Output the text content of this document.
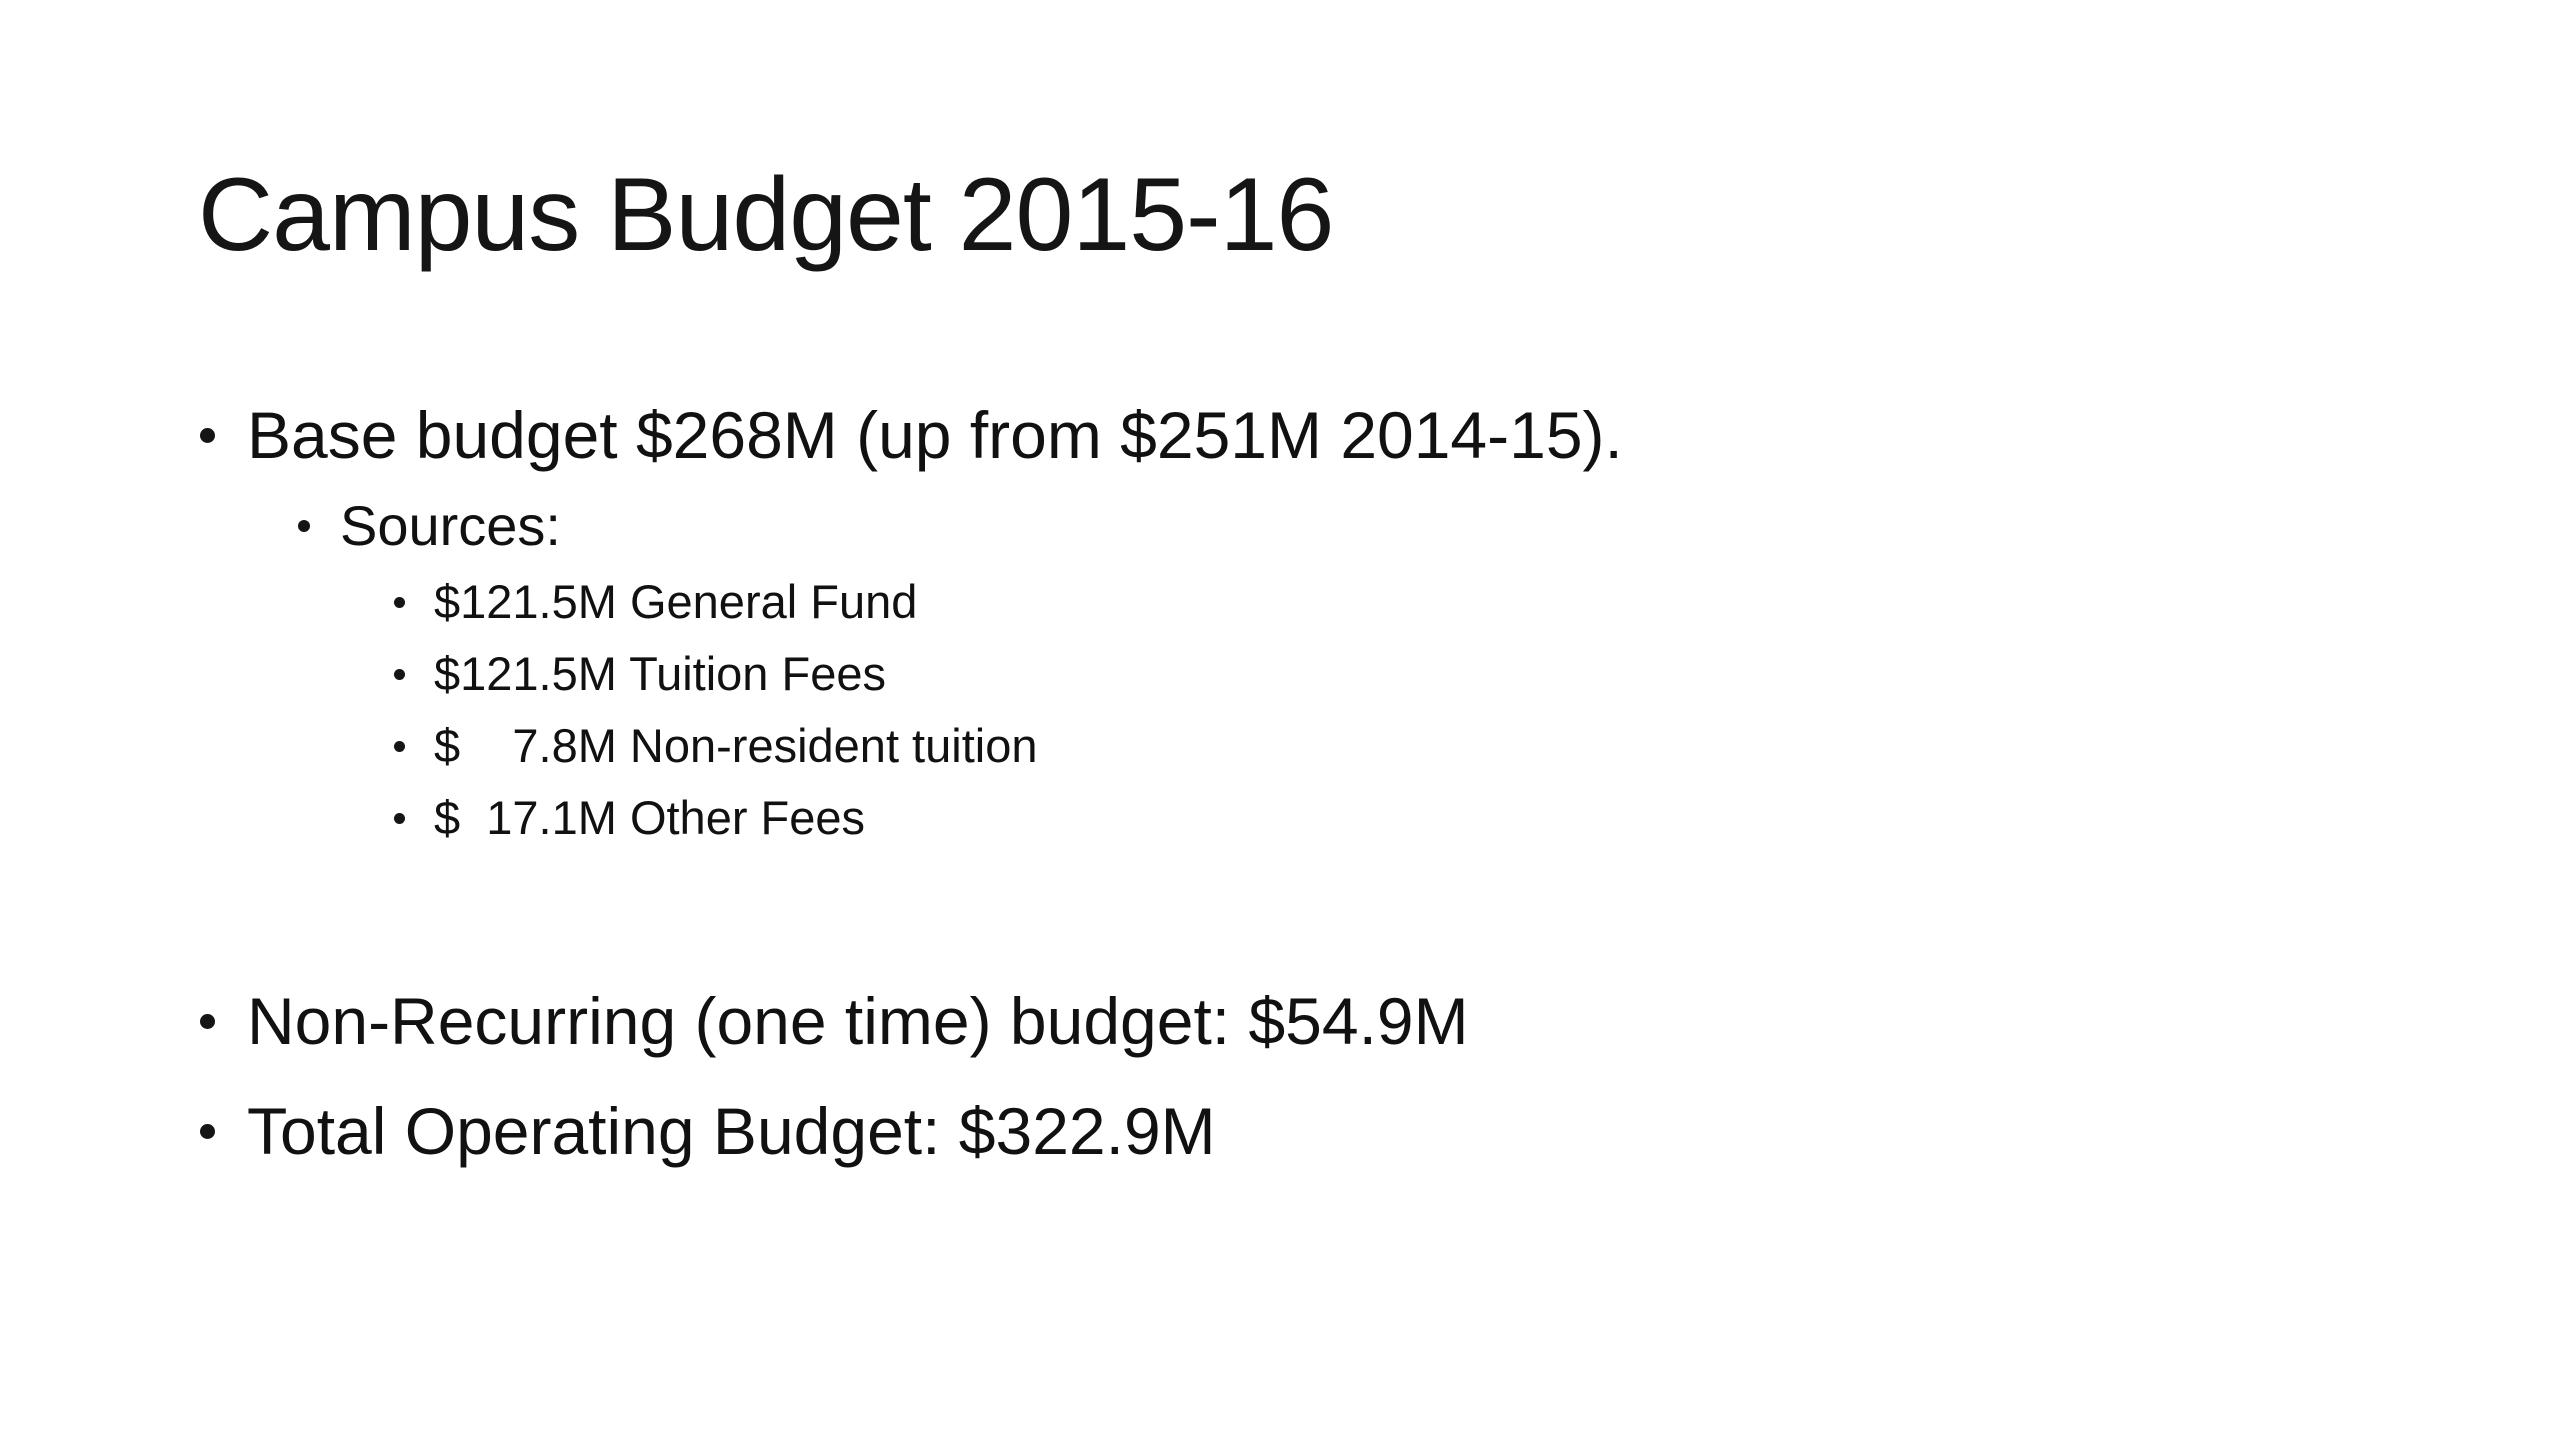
Campus Budget 2015-16
Base budget $268M (up from $251M 2014-15).
Sources:
$121.5M General Fund
$121.5M Tuition Fees
$    7.8M Non-resident tuition
$  17.1M Other Fees
Non-Recurring (one time) budget: $54.9M
Total Operating Budget: $322.9M
